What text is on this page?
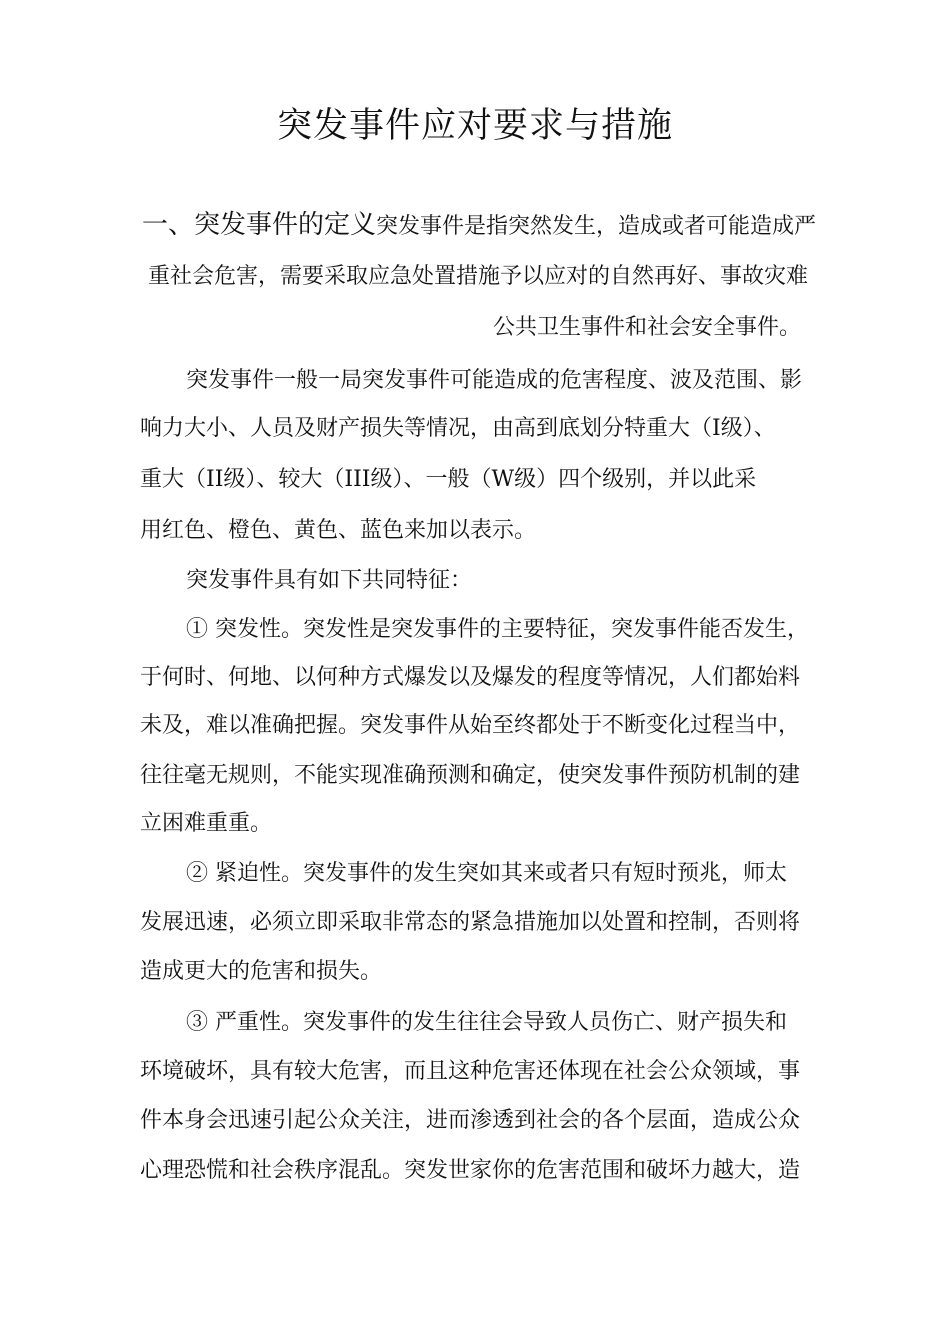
突发事件应对要求与措施
一、突发事件的定义突发事件是指突然发生，造成或者可能造成严
重社会危害，需要采取应急处置措施予以应对的自然再好、事故灾难
公共卫生事件和社会安全事件。
突发事件一般一局突发事件可能造成的危害程度、波及范围、影
响力大小、人员及财产损失等情况，由高到底划分特重大（I级）、
重大（II级）、较大（III级）、一般（W级）四个级别，并以此采
用红色、橙色、黄色、蓝色来加以表示。
突发事件具有如下共同特征：
① 突发性。突发性是突发事件的主要特征，突发事件能否发生，
于何时、何地、以何种方式爆发以及爆发的程度等情况，人们都始料
未及，难以准确把握。突发事件从始至终都处于不断变化过程当中，
往往毫无规则，不能实现准确预测和确定，使突发事件预防机制的建
立困难重重。
② 紧迫性。突发事件的发生突如其来或者只有短时预兆，师太
发展迅速，必须立即采取非常态的紧急措施加以处置和控制，否则将
造成更大的危害和损失。
③ 严重性。突发事件的发生往往会导致人员伤亡、财产损失和
环境破坏，具有较大危害，而且这种危害还体现在社会公众领域，事
件本身会迅速引起公众关注，进而渗透到社会的各个层面，造成公众
心理恐慌和社会秩序混乱。突发世家你的危害范围和破坏力越大，造
